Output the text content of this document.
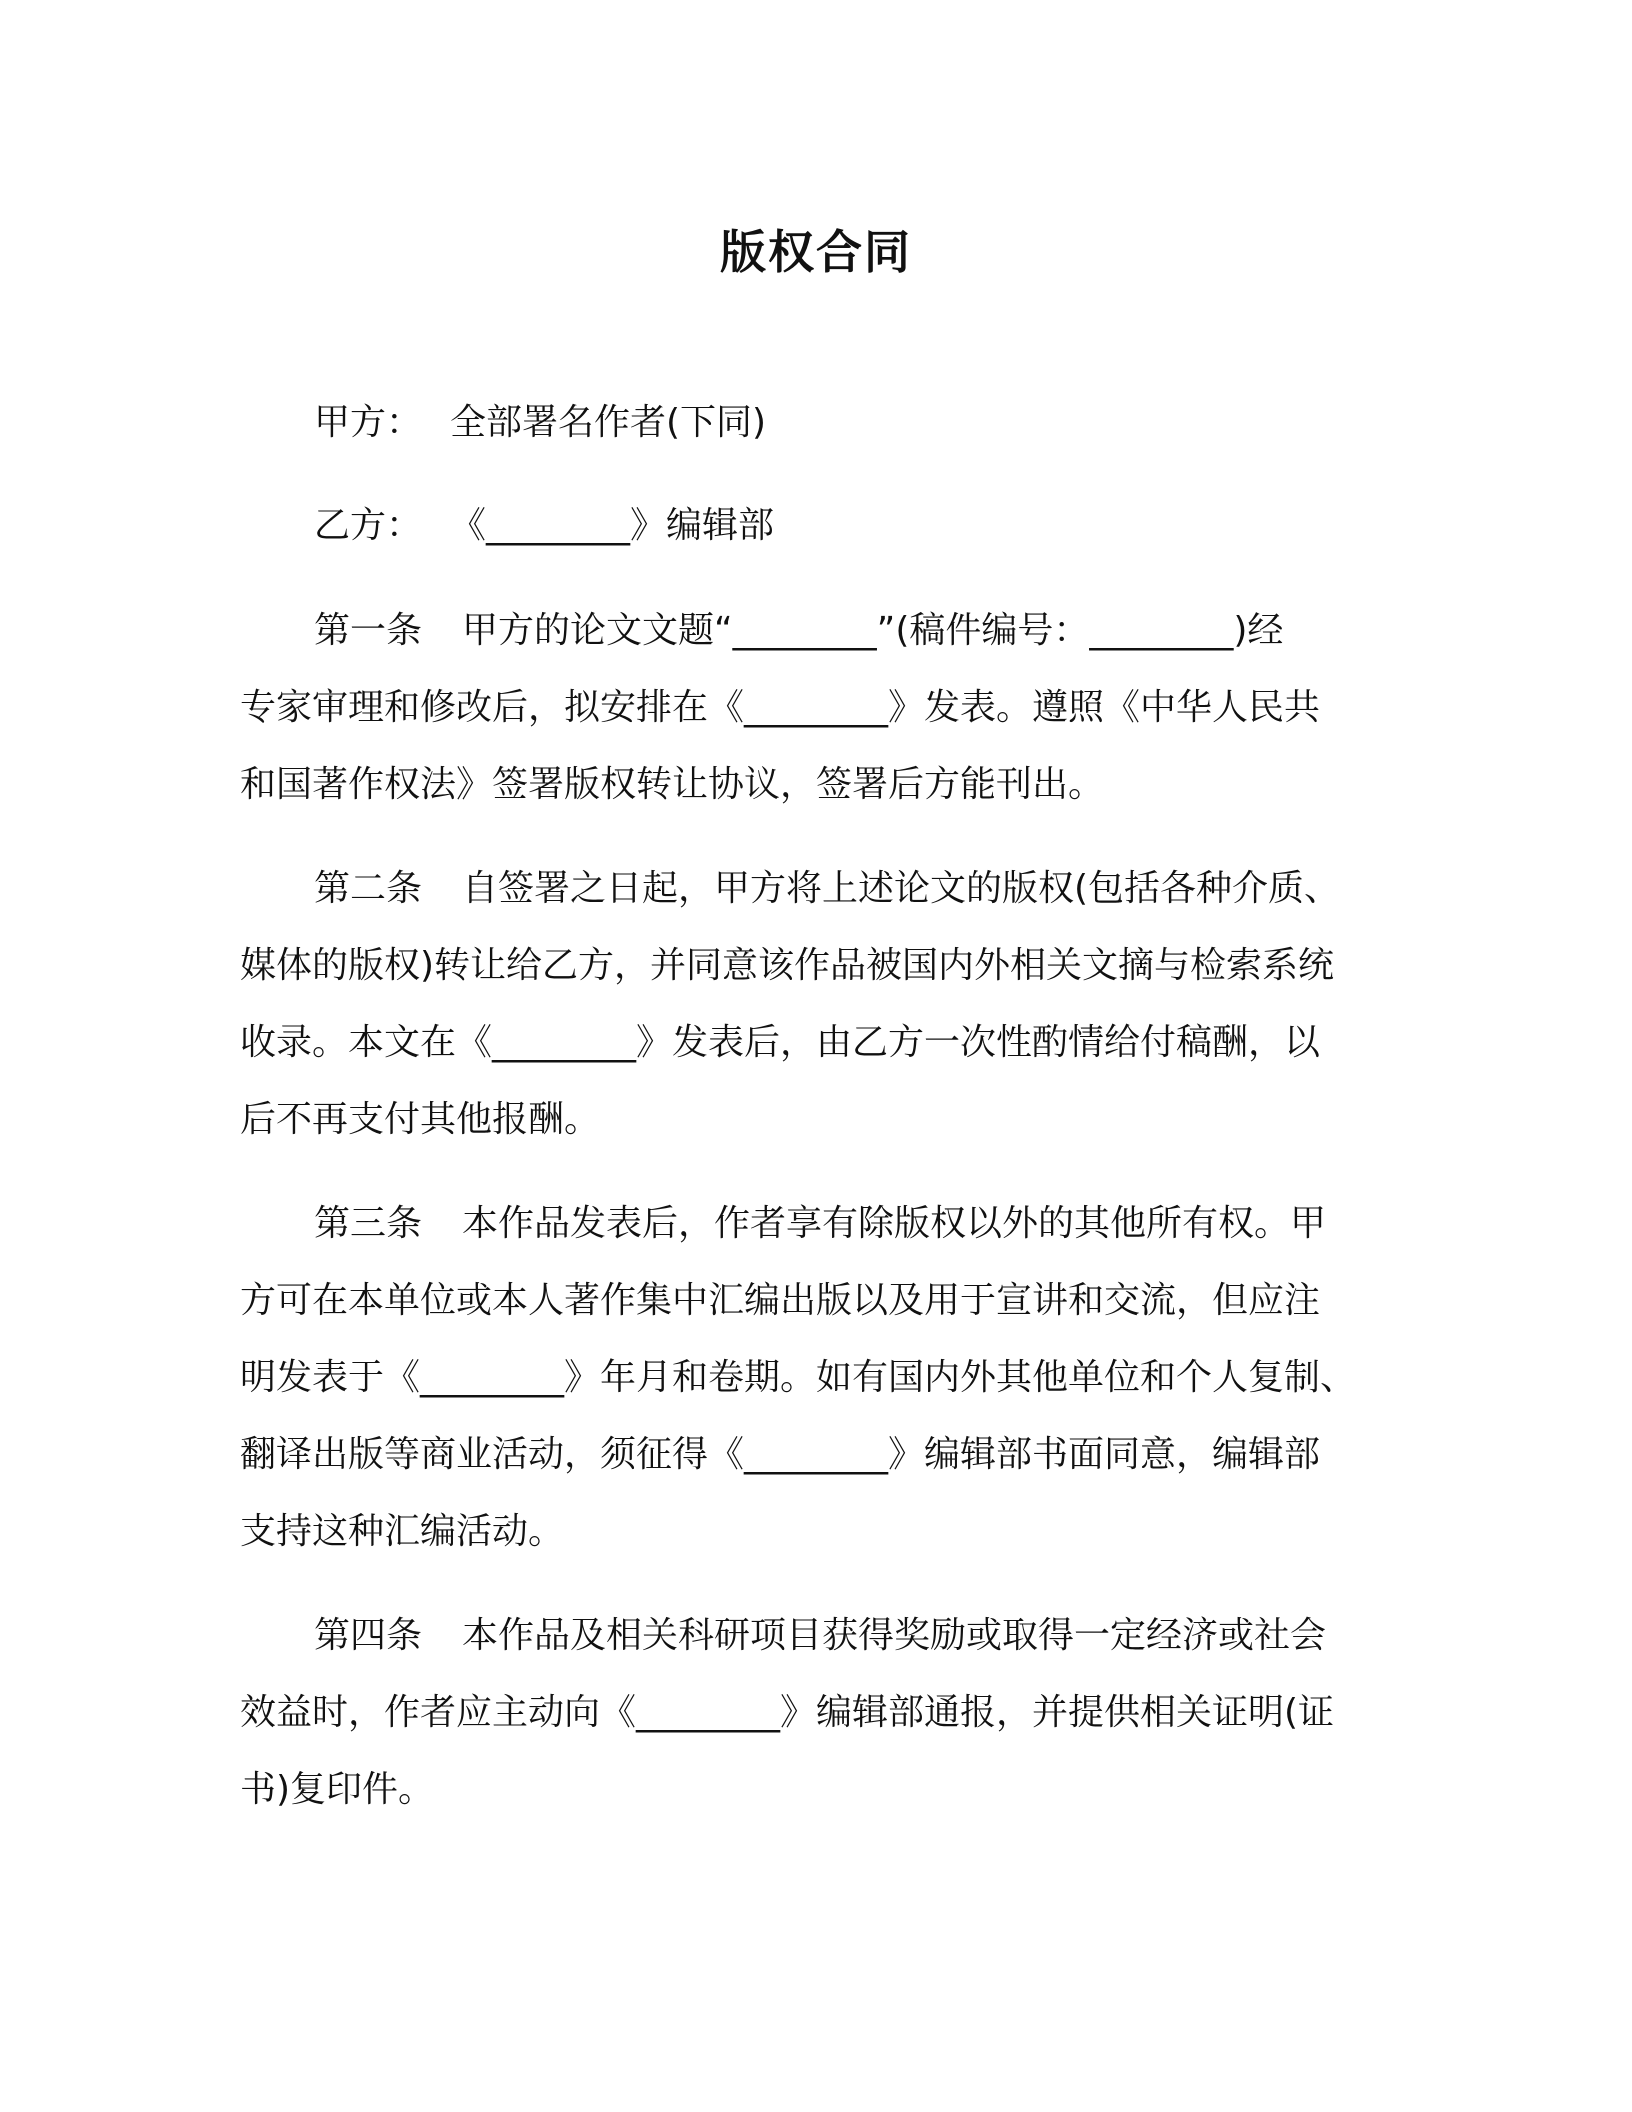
版权合同
甲方： 全部署名作者(下同)
乙方： 《________》编辑部
第一条 甲方的论文文题“________”(稿件编号：________)经
专家审理和修改后，拟安排在《________》发表。遵照《中华人民共
和国著作权法》签署版权转让协议，签署后方能刊出。
第二条 自签署之日起，甲方将上述论文的版权(包括各种介质、
媒体的版权)转让给乙方，并同意该作品被国内外相关文摘与检索系统
收录。本文在《________》发表后，由乙方一次性酌情给付稿酬，以
后不再支付其他报酬。
第三条 本作品发表后，作者享有除版权以外的其他所有权。甲
方可在本单位或本人著作集中汇编出版以及用于宣讲和交流，但应注
明发表于《________》年月和卷期。如有国内外其他单位和个人复制、
翻译出版等商业活动，须征得《________》编辑部书面同意，编辑部
支持这种汇编活动。
第四条 本作品及相关科研项目获得奖励或取得一定经济或社会
效益时，作者应主动向《________》编辑部通报，并提供相关证明(证
书)复印件。
